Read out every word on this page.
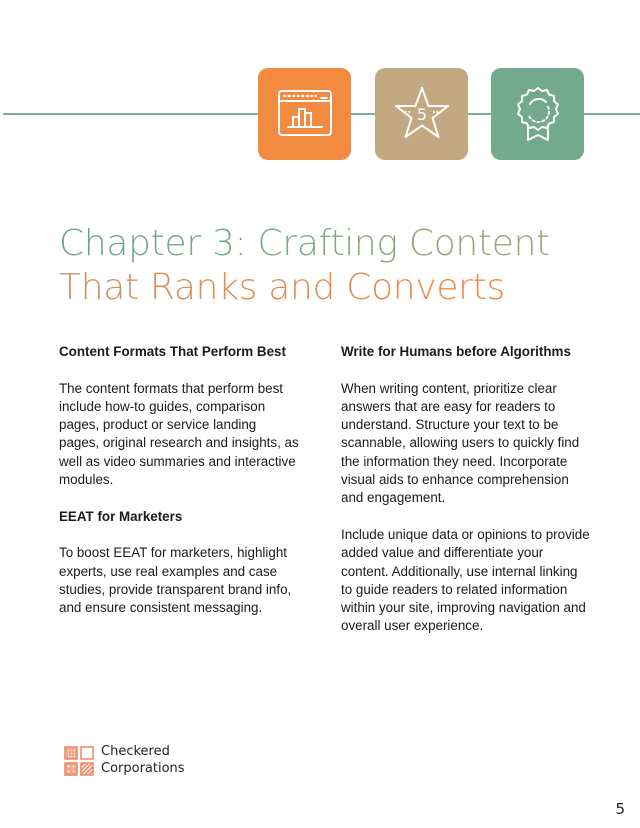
5
Chapter 3: Crafting Content
That Ranks and Converts
Content Formats That Perform Best

The content formats that perform best include how-to guides, comparison pages, product or service landing pages, original research and insights, as well as video summaries and interactive modules.

EEAT for Marketers

To boost EEAT for marketers, highlight experts, use real examples and case studies, provide transparent brand info, and ensure consistent messaging.

Write for Humans before Algorithms

When writing content, prioritize clear answers that are easy for readers to understand. Structure your text to be scannable, allowing users to quickly find the information they need. Incorporate visual aids to enhance comprehension and engagement.

Include unique data or opinions to provide added value and differentiate your content. Additionally, use internal linking to guide readers to related information within your site, improving navigation and overall user experience.

Checkered
Corporations
5
